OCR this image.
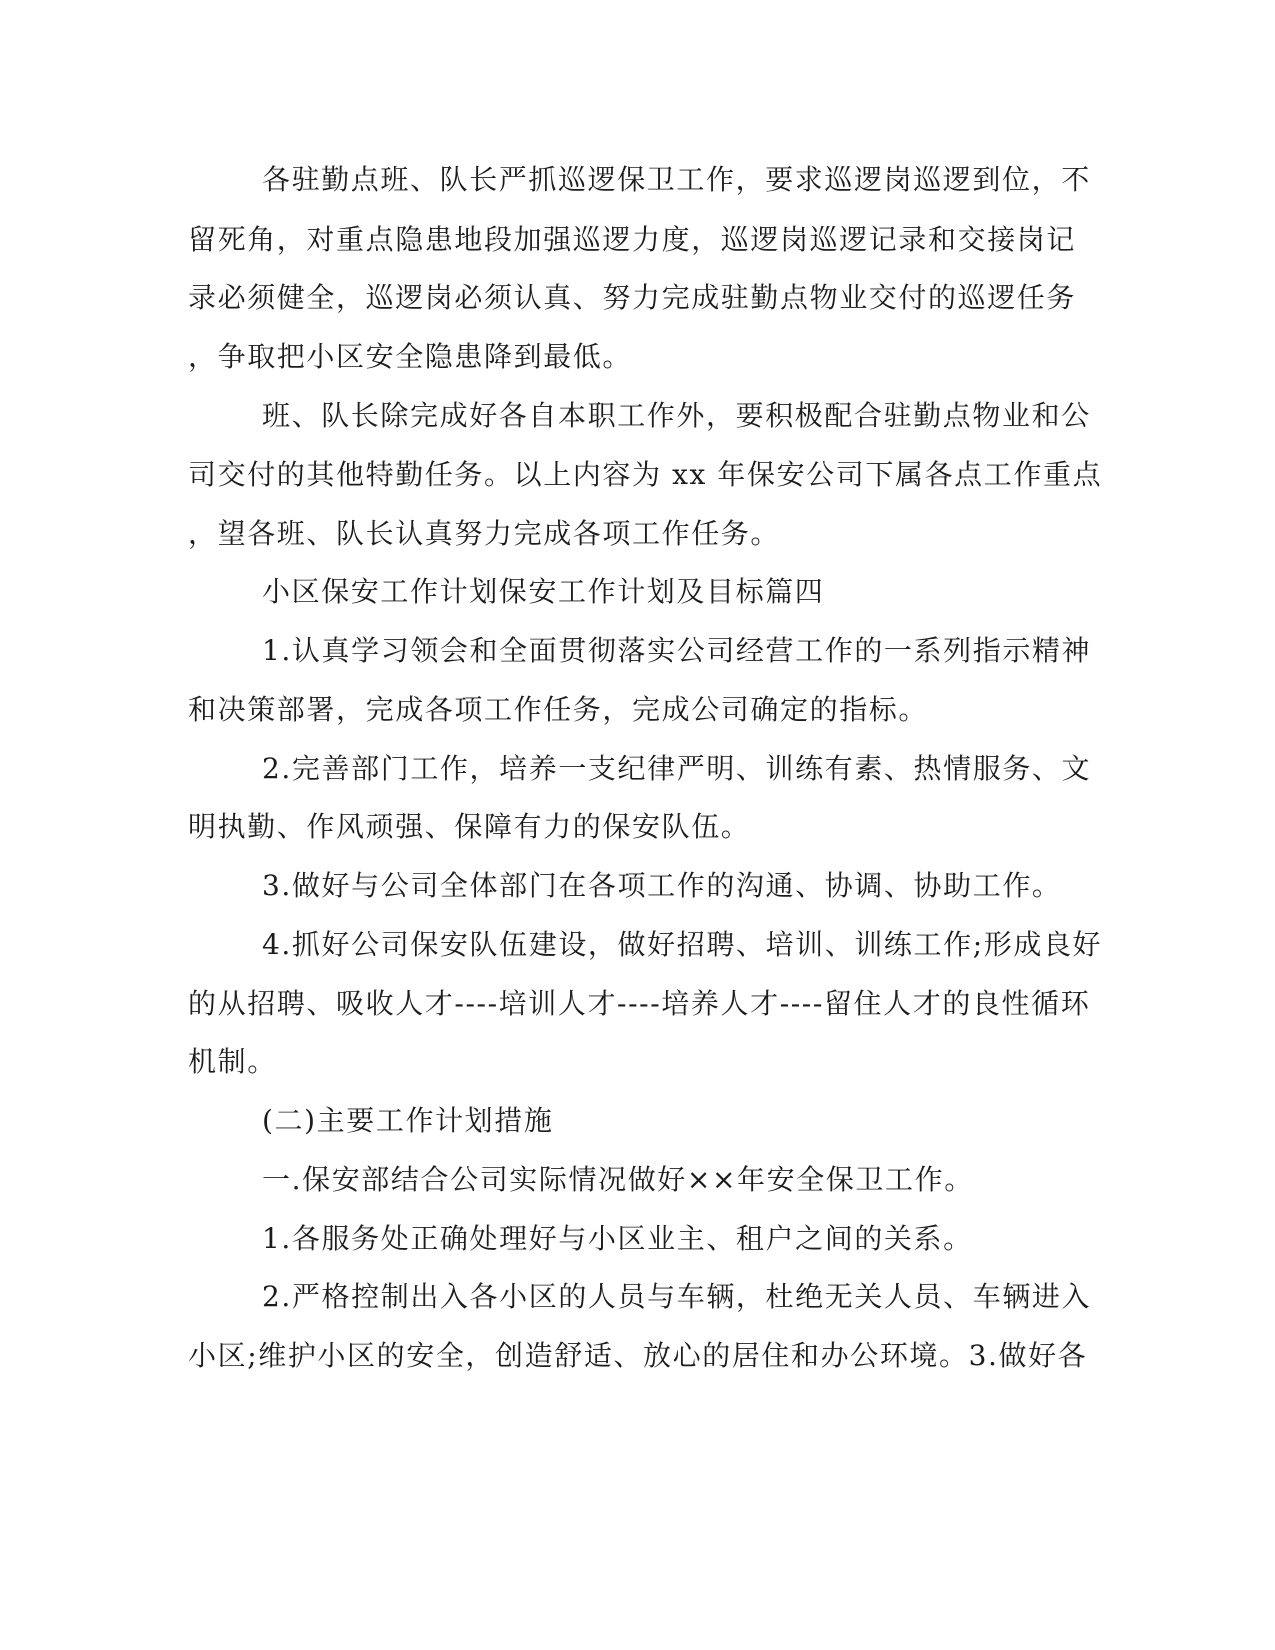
各驻勤点班、队长严抓巡逻保卫工作，要求巡逻岗巡逻到位，不
留死角，对重点隐患地段加强巡逻力度，巡逻岗巡逻记录和交接岗记
录必须健全，巡逻岗必须认真、努力完成驻勤点物业交付的巡逻任务
，争取把小区安全隐患降到最低。
班、队长除完成好各自本职工作外，要积极配合驻勤点物业和公
司交付的其他特勤任务。以上内容为 xx 年保安公司下属各点工作重点
，望各班、队长认真努力完成各项工作任务。
小区保安工作计划保安工作计划及目标篇四
1.认真学习领会和全面贯彻落实公司经营工作的一系列指示精神
和决策部署，完成各项工作任务，完成公司确定的指标。
2.完善部门工作，培养一支纪律严明、训练有素、热情服务、文
明执勤、作风顽强、保障有力的保安队伍。
3.做好与公司全体部门在各项工作的沟通、协调、协助工作。
4.抓好公司保安队伍建设，做好招聘、培训、训练工作;形成良好
的从招聘、吸收人才----培训人才----培养人才----留住人才的良性循环
机制。
(二)主要工作计划措施
一.保安部结合公司实际情况做好××年安全保卫工作。
1.各服务处正确处理好与小区业主、租户之间的关系。
2.严格控制出入各小区的人员与车辆，杜绝无关人员、车辆进入
小区;维护小区的安全，创造舒适、放心的居住和办公环境。3.做好各
